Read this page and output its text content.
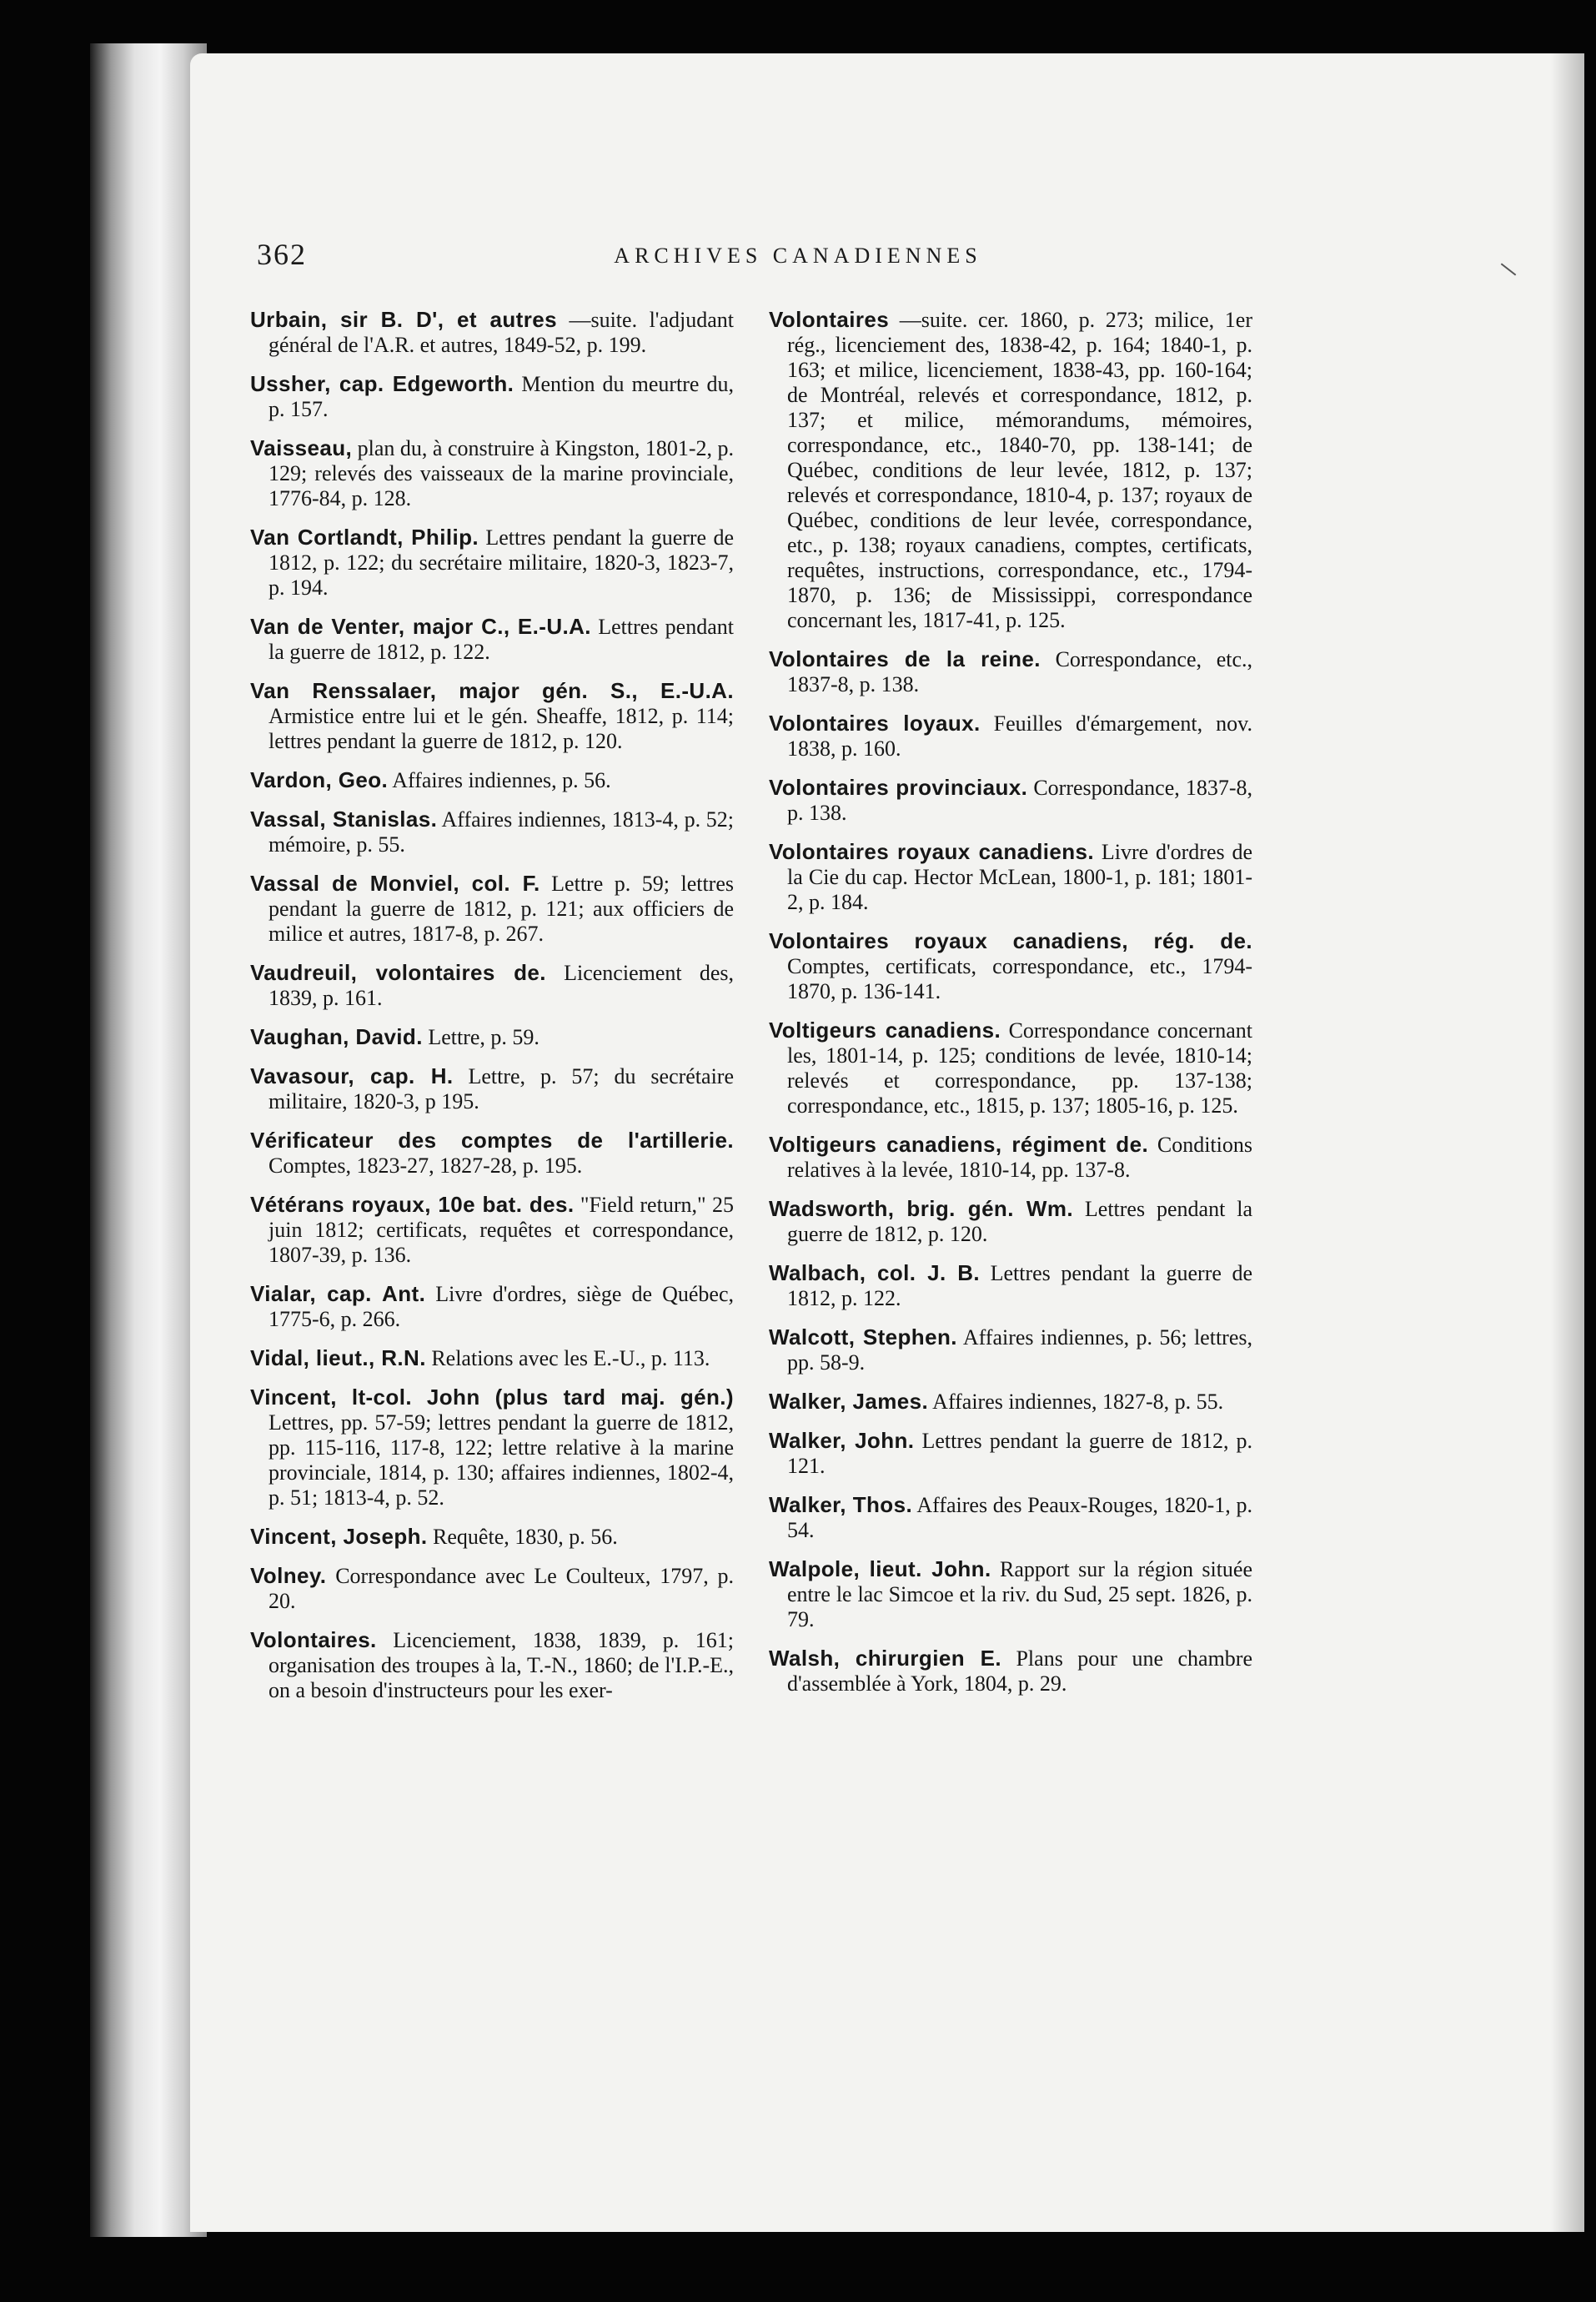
362	ARCHIVES CANADIENNES

Urbain, sir B. D', et autres —suite. l'adjudant général de l'A.R. et autres, 1849-52, p. 199.

Ussher, cap. Edgeworth. Mention du meurtre du, p. 157.

Vaisseau, plan du, à construire à Kingston, 1801-2, p. 129; relevés des vaisseaux de la marine provinciale, 1776-84, p. 128.

Van Cortlandt, Philip. Lettres pendant la guerre de 1812, p. 122; du secrétaire militaire, 1820-3, 1823-7, p. 194.

Van de Venter, major C., E.-U.A. Lettres pendant la guerre de 1812, p. 122.

Van Renssalaer, major gén. S., E.-U.A. Armistice entre lui et le gén. Sheaffe, 1812, p. 114; lettres pendant la guerre de 1812, p. 120.

Vardon, Geo. Affaires indiennes, p. 56.

Vassal, Stanislas. Affaires indiennes, 1813-4, p. 52; mémoire, p. 55.

Vassal de Monviel, col. F. Lettre p. 59; lettres pendant la guerre de 1812, p. 121; aux officiers de milice et autres, 1817-8, p. 267.

Vaudreuil, volontaires de. Licenciement des, 1839, p. 161.

Vaughan, David. Lettre, p. 59.

Vavasour, cap. H. Lettre, p. 57; du secrétaire militaire, 1820-3, p 195.

Vérificateur des comptes de l'artillerie. Comptes, 1823-27, 1827-28, p. 195.

Vétérans royaux, 10e bat. des. "Field return," 25 juin 1812; certificats, requêtes et correspondance, 1807-39, p. 136.

Vialar, cap. Ant. Livre d'ordres, siège de Québec, 1775-6, p. 266.

Vidal, lieut., R.N. Relations avec les E.-U., p. 113.

Vincent, lt-col. John (plus tard maj. gén.) Lettres, pp. 57-59; lettres pendant la guerre de 1812, pp. 115-116, 117-8, 122; lettre relative à la marine provinciale, 1814, p. 130; affaires indiennes, 1802-4, p. 51; 1813-4, p. 52.

Vincent, Joseph. Requête, 1830, p. 56.

Volney. Correspondance avec Le Coulteux, 1797, p. 20.

Volontaires. Licenciement, 1838, 1839, p. 161; organisation des troupes à la, T.-N., 1860; de l'I.P.-E., on a besoin d'instructeurs pour les exer-

Volontaires —suite. cer. 1860, p. 273; milice, 1er rég., licenciement des, 1838-42, p. 164; 1840-1, p. 163; et milice, licenciement, 1838-43, pp. 160-164; de Montréal, relevés et correspondance, 1812, p. 137; et milice, mémorandums, mémoires, correspondance, etc., 1840-70, pp. 138-141; de Québec, conditions de leur levée, 1812, p. 137; relevés et correspondance, 1810-4, p. 137; royaux de Québec, conditions de leur levée, correspondance, etc., p. 138; royaux canadiens, comptes, certificats, requêtes, instructions, correspondance, etc., 1794-1870, p. 136; de Mississippi, correspondance concernant les, 1817-41, p. 125.

Volontaires de la reine. Correspondance, etc., 1837-8, p. 138.

Volontaires loyaux. Feuilles d'émargement, nov. 1838, p. 160.

Volontaires provinciaux. Correspondance, 1837-8, p. 138.

Volontaires royaux canadiens. Livre d'ordres de la Cie du cap. Hector McLean, 1800-1, p. 181; 1801-2, p. 184.

Volontaires royaux canadiens, rég. de. Comptes, certificats, correspondance, etc., 1794-1870, p. 136-141.

Voltigeurs canadiens. Correspondance concernant les, 1801-14, p. 125; conditions de levée, 1810-14; relevés et correspondance, pp. 137-138; correspondance, etc., 1815, p. 137; 1805-16, p. 125.

Voltigeurs canadiens, régiment de. Conditions relatives à la levée, 1810-14, pp. 137-8.

Wadsworth, brig. gén. Wm. Lettres pendant la guerre de 1812, p. 120.

Walbach, col. J. B. Lettres pendant la guerre de 1812, p. 122.

Walcott, Stephen. Affaires indiennes, p. 56; lettres, pp. 58-9.

Walker, James. Affaires indiennes, 1827-8, p. 55.

Walker, John. Lettres pendant la guerre de 1812, p. 121.

Walker, Thos. Affaires des Peaux-Rouges, 1820-1, p. 54.

Walpole, lieut. John. Rapport sur la région située entre le lac Simcoe et la riv. du Sud, 25 sept. 1826, p. 79.

Walsh, chirurgien E. Plans pour une chambre d'assemblée à York, 1804, p. 29.
